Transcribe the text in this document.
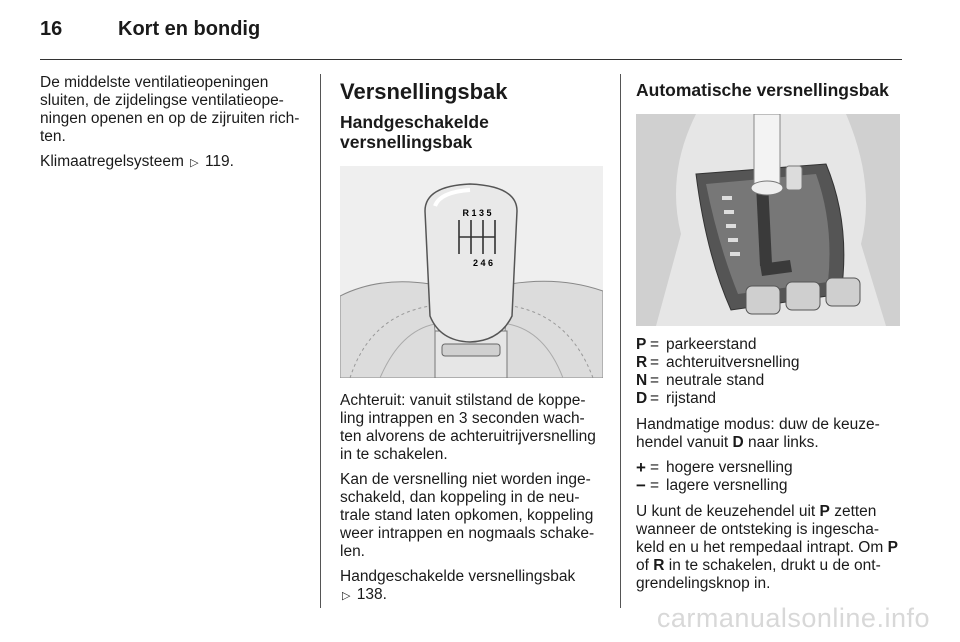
16	Kort en bondig

De middelste ventilatieopeningen sluiten, de zijdelingse ventilatieope-ningen openen en op de zijruiten rich-ten.

Klimaatregelsysteem ▷ 119.

Versnellingsbak
Handgeschakelde versnellingsbak
R 1 3 5
2 4 6

Achteruit: vanuit stilstand de koppe-ling intrappen en 3 seconden wach-ten alvorens de achteruitrijversnelling in te schakelen.

Kan de versnelling niet worden inge-schakeld, dan koppeling in de neu-trale stand laten opkomen, koppeling weer intrappen en nogmaals schake-len.

Handgeschakelde versnellingsbak
▷ 138.

Automatische versnellingsbak
P = parkeerstand
R = achteruitversnelling
N = neutrale stand
D = rijstand

Handmatige modus: duw de keuze-hendel vanuit D naar links.

+ = hogere versnelling
− = lagere versnelling

U kunt de keuzehendel uit P zetten wanneer de ontsteking is ingescha-keld en u het rempedaal intrapt. Om P of R in te schakelen, drukt u de ont-grendelingsknop in.

carmanualsonline.info
